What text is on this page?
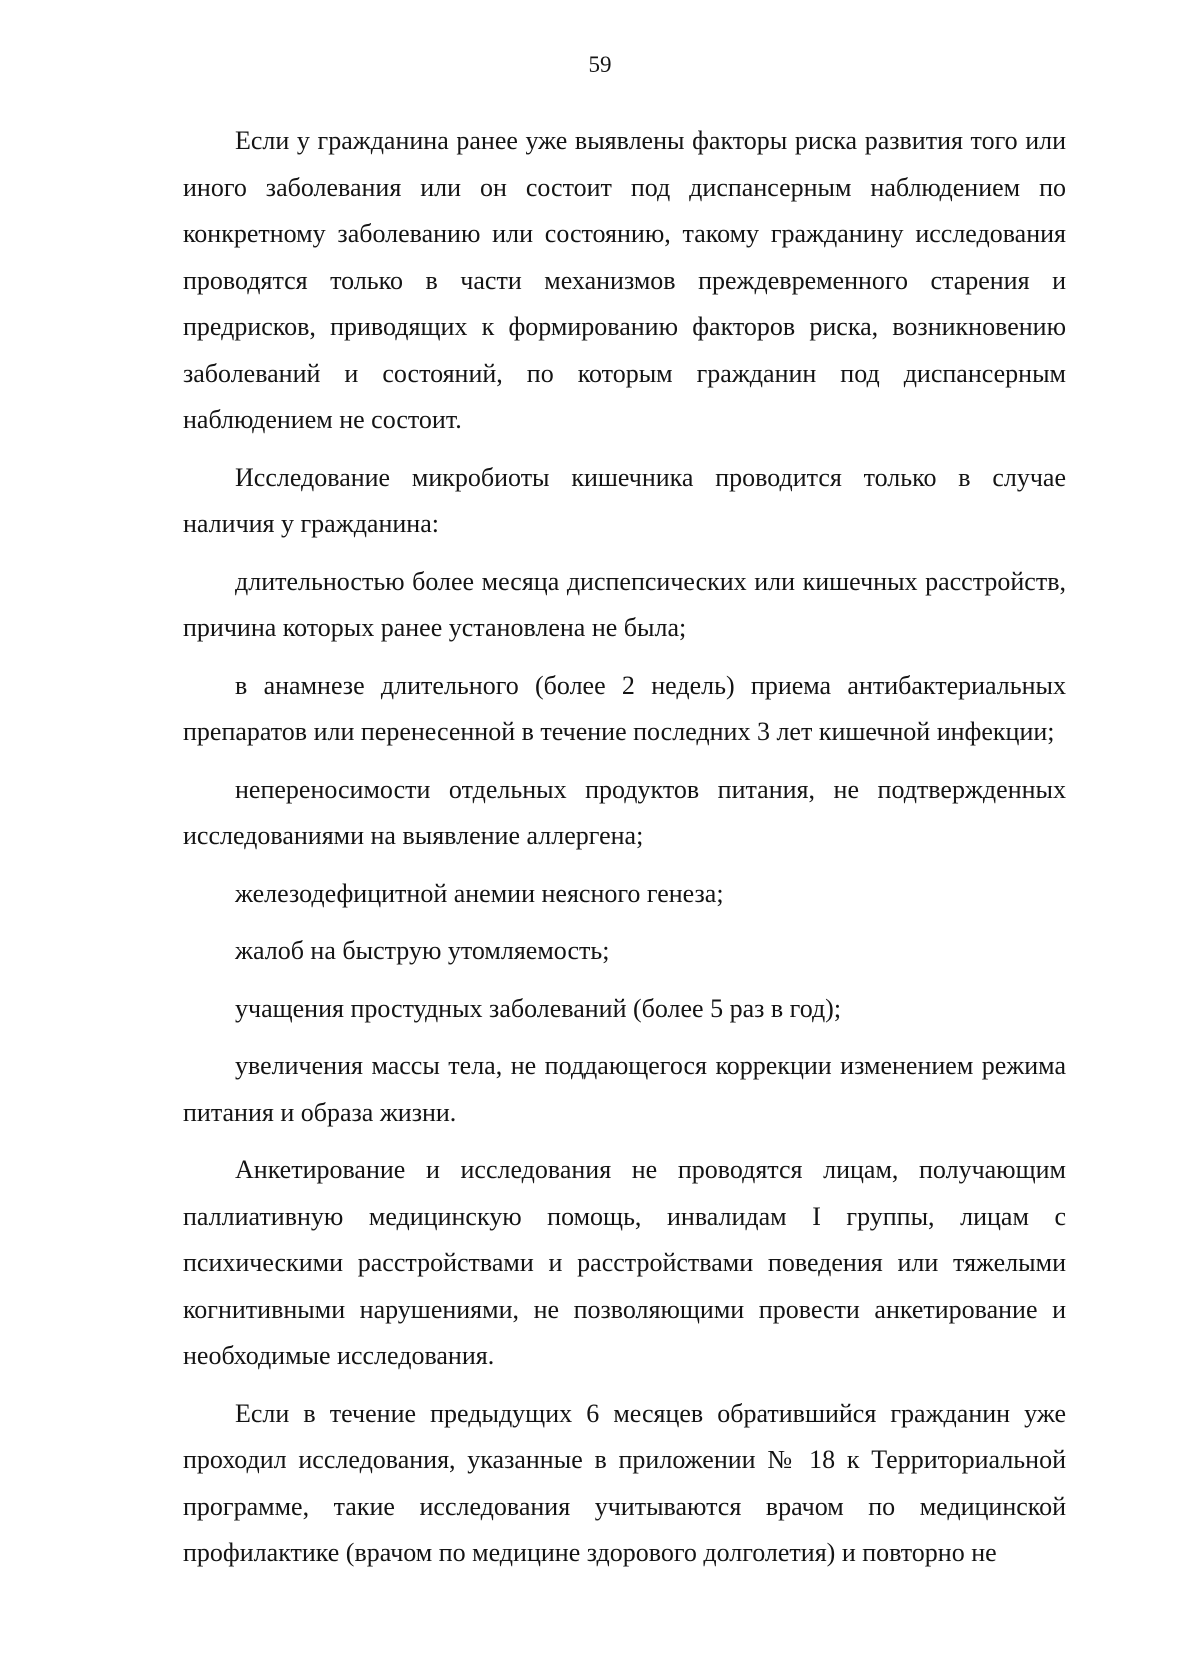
59

Если у гражданина ранее уже выявлены факторы риска развития того или иного заболевания или он состоит под диспансерным наблюдением по конкретному заболеванию или состоянию, такому гражданину исследования проводятся только в части механизмов преждевременного старения и предрисков, приводящих к формированию факторов риска, возникновению заболеваний и состояний, по которым гражданин под диспансерным наблюдением не состоит.

Исследование микробиоты кишечника проводится только в случае наличия у гражданина:

длительностью более месяца диспепсических или кишечных расстройств, причина которых ранее установлена не была;

в анамнезе длительного (более 2 недель) приема антибактериальных препаратов или перенесенной в течение последних 3 лет кишечной инфекции;

непереносимости отдельных продуктов питания, не подтвержденных исследованиями на выявление аллергена;

железодефицитной анемии неясного генеза;

жалоб на быструю утомляемость;

учащения простудных заболеваний (более 5 раз в год);

увеличения массы тела, не поддающегося коррекции изменением режима питания и образа жизни.

Анкетирование и исследования не проводятся лицам, получающим паллиативную медицинскую помощь, инвалидам I группы, лицам с психическими расстройствами и расстройствами поведения или тяжелыми когнитивными нарушениями, не позволяющими провести анкетирование и необходимые исследования.

Если в течение предыдущих 6 месяцев обратившийся гражданин уже проходил исследования, указанные в приложении № 18 к Территориальной программе, такие исследования учитываются врачом по медицинской профилактике (врачом по медицине здорового долголетия) и повторно не
